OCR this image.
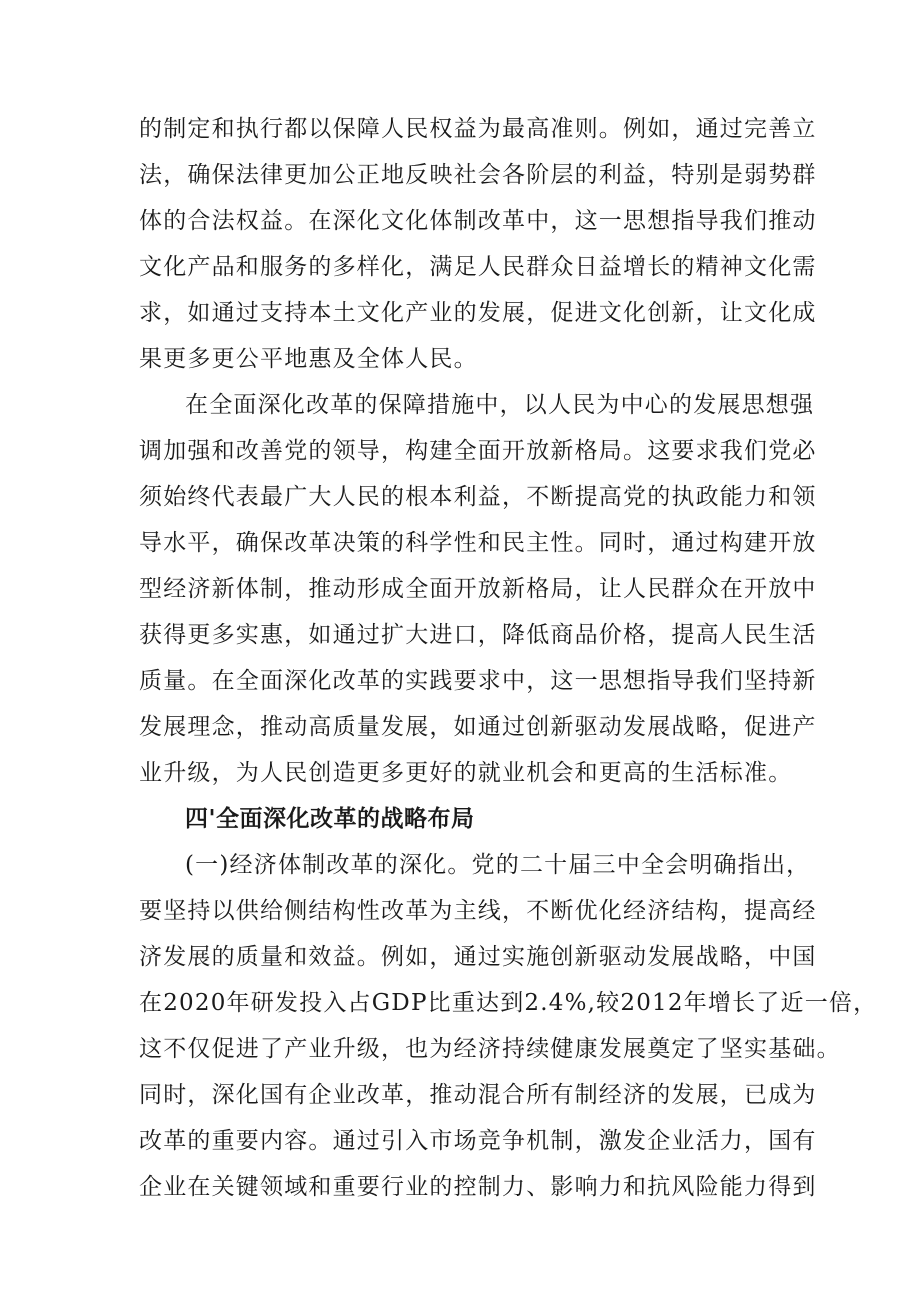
的制定和执行都以保障人民权益为最高准则。例如，通过完善立
法，确保法律更加公正地反映社会各阶层的利益，特别是弱势群
体的合法权益。在深化文化体制改革中，这一思想指导我们推动
文化产品和服务的多样化，满足人民群众日益增长的精神文化需
求，如通过支持本土文化产业的发展，促进文化创新，让文化成
果更多更公平地惠及全体人民。
在全面深化改革的保障措施中，以人民为中心的发展思想强
调加强和改善党的领导，构建全面开放新格局。这要求我们党必
须始终代表最广大人民的根本利益，不断提高党的执政能力和领
导水平，确保改革决策的科学性和民主性。同时，通过构建开放
型经济新体制，推动形成全面开放新格局，让人民群众在开放中
获得更多实惠，如通过扩大进口，降低商品价格，提高人民生活
质量。在全面深化改革的实践要求中，这一思想指导我们坚持新
发展理念，推动高质量发展，如通过创新驱动发展战略，促进产
业升级，为人民创造更多更好的就业机会和更高的生活标准。
四'全面深化改革的战略布局
(一)经济体制改革的深化。党的二十届三中全会明确指出，
要坚持以供给侧结构性改革为主线，不断优化经济结构，提高经
济发展的质量和效益。例如，通过实施创新驱动发展战略，中国
在2020年研发投入占GDP比重达到2.4%,较2012年增长了近一倍，
这不仅促进了产业升级，也为经济持续健康发展奠定了坚实基础。
同时，深化国有企业改革，推动混合所有制经济的发展，已成为
改革的重要内容。通过引入市场竞争机制，激发企业活力，国有
企业在关键领域和重要行业的控制力、影响力和抗风险能力得到
